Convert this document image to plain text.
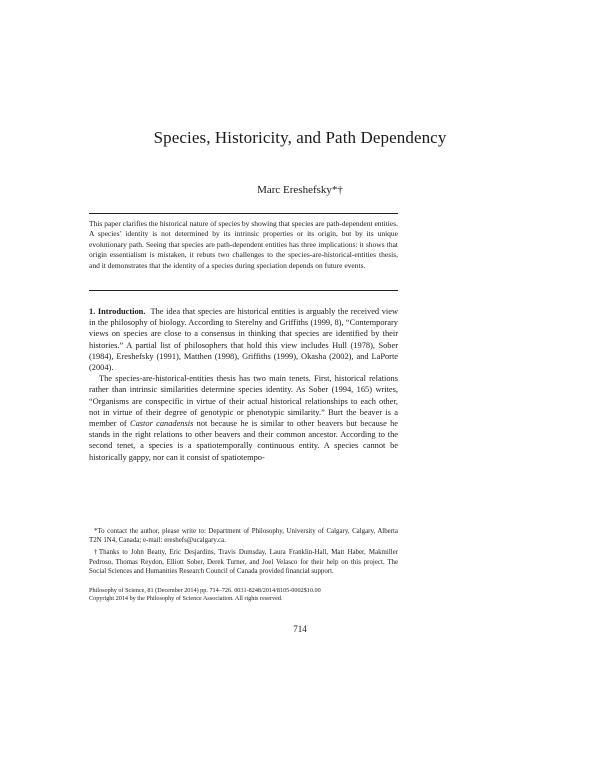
Species, Historicity, and Path Dependency
Marc Ereshefsky*†
This paper clarifies the historical nature of species by showing that species are path-dependent entities. A species’ identity is not determined by its intrinsic properties or its origin, but by its unique evolutionary path. Seeing that species are path-dependent entities has three implications: it shows that origin essentialism is mistaken, it rebuts two challenges to the species-are-historical-entities thesis, and it demonstrates that the identity of a species during speciation depends on future events.

1. Introduction. The idea that species are historical entities is arguably the received view in the philosophy of biology. According to Sterelny and Griffiths (1999, 8), “Contemporary views on species are close to a consensus in thinking that species are identified by their histories.” A partial list of philosophers that hold this view includes Hull (1978), Sober (1984), Ereshefsky (1991), Matthen (1998), Griffiths (1999), Okasha (2002), and LaPorte (2004).

The species-are-historical-entities thesis has two main tenets. First, historical relations rather than intrinsic similarities determine species identity. As Sober (1994, 165) writes, “Organisms are conspecific in virtue of their actual historical relationships to each other, not in virtue of their degree of genotypic or phenotypic similarity.” Burt the beaver is a member of Castor canadensis not because he is similar to other beavers but because he stands in the right relations to other beavers and their common ancestor. According to the second tenet, a species is a spatiotemporally continuous entity. A species cannot be historically gappy, nor can it consist of spatiotempo-

*To contact the author, please write to: Department of Philosophy, University of Calgary, Calgary, Alberta T2N 1N4, Canada; e-mail: ereshefs@ucalgary.ca.

†Thanks to John Beatty, Eric Desjardins, Travis Dumsday, Laura Franklin-Hall, Matt Haber, Makmiller Pedroso, Thomas Reydon, Elliott Sober, Derek Turner, and Joel Velasco for their help on this project. The Social Sciences and Humanities Research Council of Canada provided financial support.

Philosophy of Science, 81 (December 2014) pp. 714–726. 0031-8248/2014/8105-0002$10.00

Copyright 2014 by the Philosophy of Science Association. All rights reserved.

714
